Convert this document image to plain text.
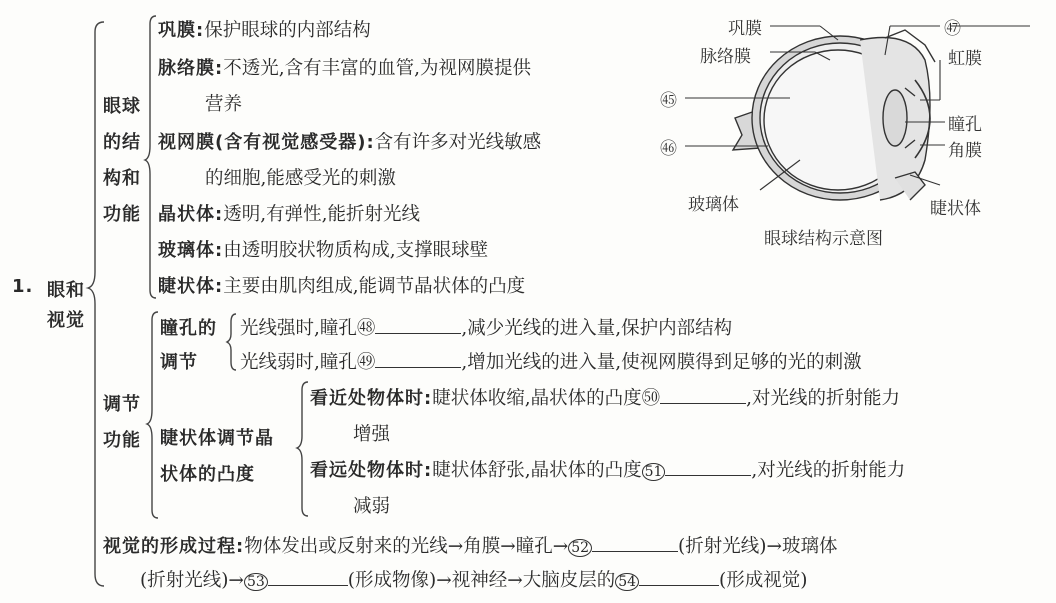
1. 眼和
视觉
眼球
的结
构和
功能
巩膜:保护眼球的内部结构
脉络膜:不透光,含有丰富的血管,为视网膜提供
营养
视网膜(含有视觉感受器):含有许多对光线敏感
的细胞,能感受光的刺激
晶状体:透明,有弹性,能折射光线
玻璃体:由透明胶状物质构成,支撑眼球壁
睫状体:主要由肌肉组成,能调节晶状体的凸度
调节
功能
瞳孔的
调节
光线强时,瞳孔㊽	,减少光线的进入量,保护内部结构
光线弱时,瞳孔㊾	,增加光线的进入量,使视网膜得到足够的光的刺激
睫状体调节晶
状体的凸度
看近处物体时:睫状体收缩,晶状体的凸度㊿	,对光线的折射能力
增强
看远处物体时:睫状体舒张,晶状体的凸度 51	,对光线的折射能力
减弱
视觉的形成过程:物体发出或反射来的光线→角膜→瞳孔→ 52	(折射光线)→玻璃体
(折射光线)→ 53	(形成物像)→视神经→大脑皮层的 54	(形成视觉)
巩膜
脉络膜
㊺
㊻
㊼
虹膜
瞳孔
角膜
睫状体
玻璃体
眼球结构示意图
